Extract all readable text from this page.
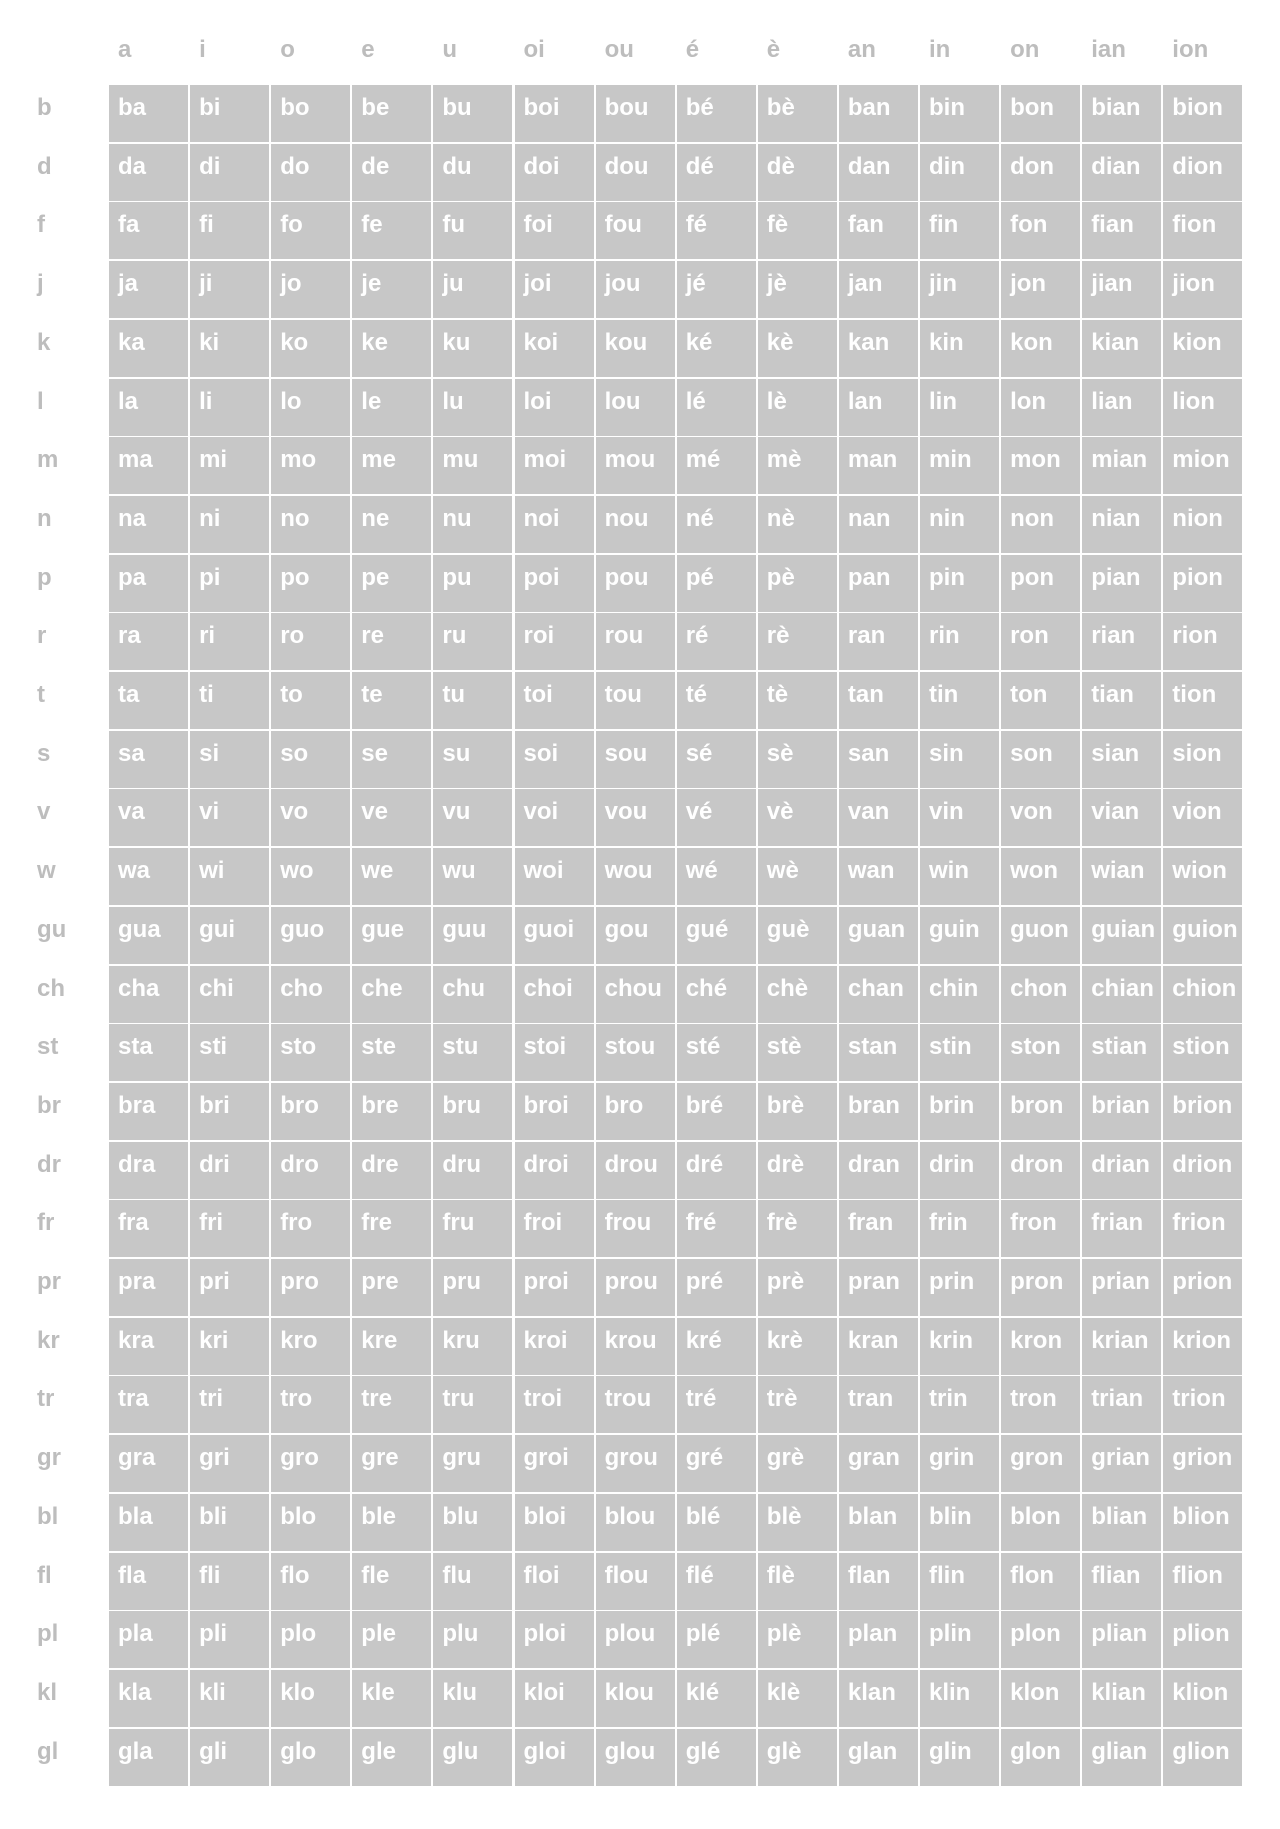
a	i	o	e	u	oi	ou	é	è	an	in	on	ian	ion
b	ba	bi	bo	be	bu	boi	bou	bé	bè	ban	bin	bon	bian	bion
d	da	di	do	de	du	doi	dou	dé	dè	dan	din	don	dian	dion
f	fa	fi	fo	fe	fu	foi	fou	fé	fè	fan	fin	fon	fian	fion
j	ja	ji	jo	je	ju	joi	jou	jé	jè	jan	jin	jon	jian	jion
k	ka	ki	ko	ke	ku	koi	kou	ké	kè	kan	kin	kon	kian	kion
l	la	li	lo	le	lu	loi	lou	lé	lè	lan	lin	lon	lian	lion
m	ma	mi	mo	me	mu	moi	mou	mé	mè	man	min	mon	mian	mion
n	na	ni	no	ne	nu	noi	nou	né	nè	nan	nin	non	nian	nion
p	pa	pi	po	pe	pu	poi	pou	pé	pè	pan	pin	pon	pian	pion
r	ra	ri	ro	re	ru	roi	rou	ré	rè	ran	rin	ron	rian	rion
t	ta	ti	to	te	tu	toi	tou	té	tè	tan	tin	ton	tian	tion
s	sa	si	so	se	su	soi	sou	sé	sè	san	sin	son	sian	sion
v	va	vi	vo	ve	vu	voi	vou	vé	vè	van	vin	von	vian	vion
w	wa	wi	wo	we	wu	woi	wou	wé	wè	wan	win	won	wian	wion
gu	gua	gui	guo	gue	guu	guoi	gou	gué	guè	guan guin	guon guian guion
ch	cha	chi	cho	che	chu	choi	chou ché	chè	chan	chin	chon chian chion
st	sta	sti	sto	ste	stu	stoi	stou	sté	stè	stan	stin	ston	stian	stion
br	bra	bri	bro	bre	bru	broi	bro	bré	brè	bran	brin	bron	brian brion
dr	dra	dri	dro	dre	dru	droi	drou	dré	drè	dran	drin	dron	drian drion
fr	fra	fri	fro	fre	fru	froi	frou	fré	frè	fran	frin	fron	frian	frion
pr	pra	pri	pro	pre	pru	proi	prou	pré	prè	pran	prin	pron	prian prion
kr	kra	kri	kro	kre	kru	kroi	krou	kré	krè	kran	krin	kron	krian krion
tr	tra	tri	tro	tre	tru	troi	trou	tré	trè	tran	trin	tron	trian	trion
gr	gra	gri	gro	gre	gru	groi	grou	gré	grè	gran	grin	gron	grian grion
bl	bla	bli	blo	ble	blu	bloi	blou	blé	blè	blan	blin	blon	blian	blion
fl	fla	fli	flo	fle	flu	floi	flou	flé	flè	flan	flin	flon	flian	flion
pl	pla	pli	plo	ple	plu	ploi	plou	plé	plè	plan	plin	plon	plian	plion
kl	kla	kli	klo	kle	klu	kloi	klou	klé	klè	klan	klin	klon	klian	klion
gl	gla	gli	glo	gle	glu	gloi	glou	glé	glè	glan	glin	glon	glian	glion
